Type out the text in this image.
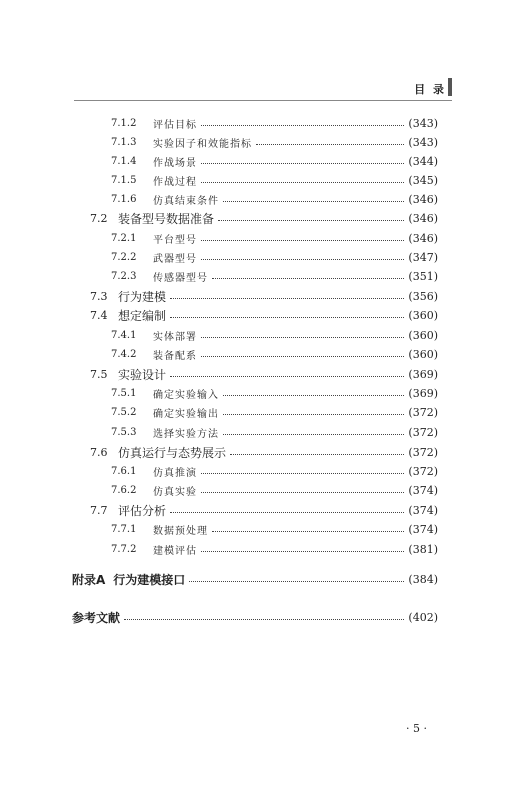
目 录
7.1.2	评估目标	(343)
7.1.3	实验因子和效能指标	(343)
7.1.4	作战场景	(344)
7.1.5	作战过程	(345)
7.1.6	仿真结束条件	(346)
7.2 装备型号数据准备	(346)
7.2.1	平台型号	(346)
7.2.2	武器型号	(347)
7.2.3	传感器型号	(351)
7.3 行为建模	(356)
7.4 想定编制	(360)
7.4.1	实体部署	(360)
7.4.2	装备配系	(360)
7.5 实验设计	(369)
7.5.1	确定实验输入	(369)
7.5.2	确定实验输出	(372)
7.5.3	选择实验方法	(372)
7.6 仿真运行与态势展示	(372)
7.6.1	仿真推演	(372)
7.6.2	仿真实验	(374)
7.7 评估分析	(374)
7.7.1	数据预处理	(374)
7.7.2	建模评估	(381)
附录A 行为建模接口	(384)
参考文献	(402)
· 5 ·
